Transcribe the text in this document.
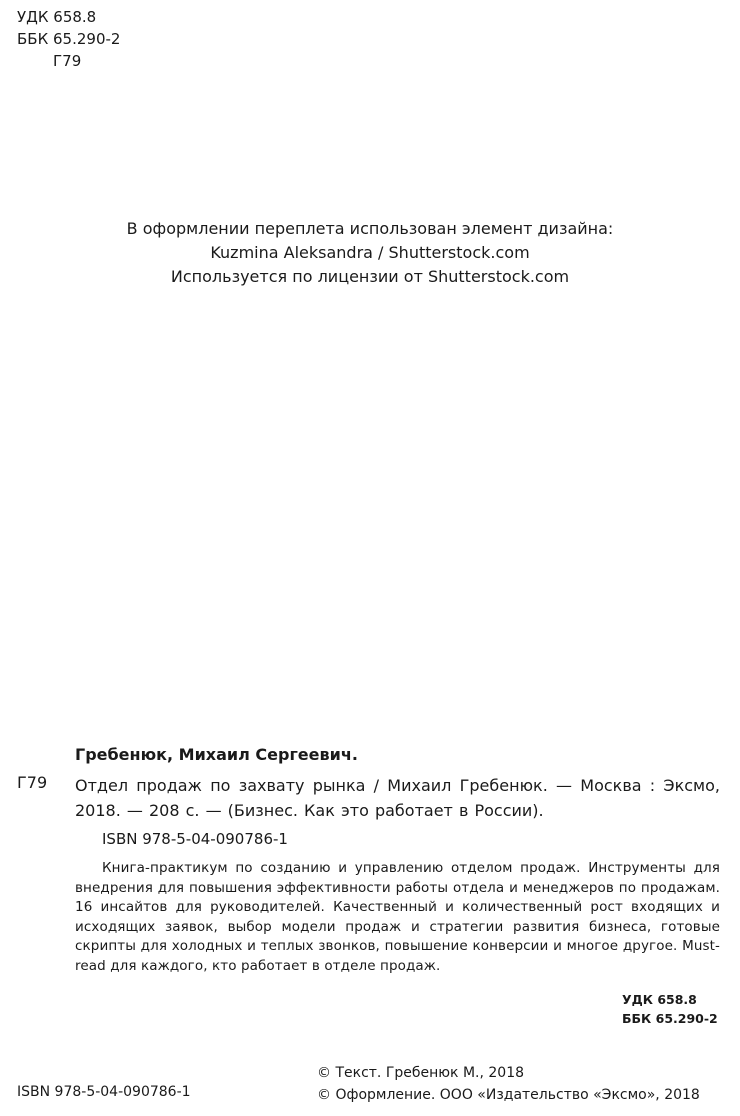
УДК 658.8
ББК 65.290-2
Г79
В оформлении переплета использован элемент дизайна:
Kuzmina Aleksandra / Shutterstock.com
Используется по лицензии от Shutterstock.com
Гребенюк, Михаил Сергеевич.
Г79 Отдел продаж по захвату рынка / Михаил Гребенюк. — Москва : Эксмо, 2018. — 208 с. — (Бизнес. Как это работает в России).
ISBN 978-5-04-090786-1
Книга-практикум по созданию и управлению отделом продаж. Инструменты для внедрения для повышения эффективности работы отдела и менеджеров по продажам. 16 инсайтов для руководителей. Качественный и количественный рост входящих и исходящих заявок, выбор модели продаж и стратегии развития бизнеса, готовые скрипты для холодных и теплых звонков, повышение конверсии и многое другое. Must-read для каждого, кто работает в отделе продаж.
УДК 658.8
ББК 65.290-2
ISBN 978-5-04-090786-1
© Текст. Гребенюк М., 2018
© Оформление. ООО «Издательство «Эксмо», 2018
